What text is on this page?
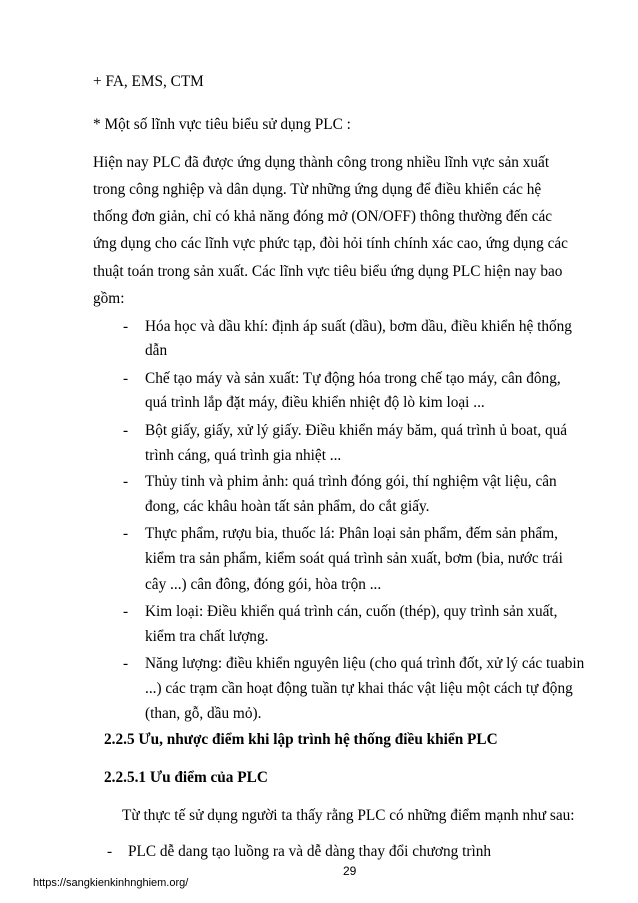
+ FA, EMS, CTM
* Một số lĩnh vực tiêu biểu sử dụng PLC :
Hiện nay PLC đã được ứng dụng thành công trong nhiều lĩnh vực sản xuất
trong công nghiệp và dân dụng. Từ những ứng dụng để điều khiển các hệ
thống đơn giản, chỉ có khả năng đóng mở (ON/OFF) thông thường đến các
ứng dụng cho các lĩnh vực phức tạp, đòi hỏi tính chính xác cao, ứng dụng các
thuật toán trong sản xuất. Các lĩnh vực tiêu biểu ứng dụng PLC hiện nay bao
gồm:
- Hóa học và dầu khí: định áp suất (dầu), bơm dầu, điều khiển hệ thống
dẫn
- Chế tạo máy và sản xuất: Tự động hóa trong chế tạo máy, cân đông,
quá trình lắp đặt máy, điều khiển nhiệt độ lò kim loại ...
- Bột giấy, giấy, xử lý giấy. Điều khiển máy băm, quá trình ủ boat, quá
trình cáng, quá trình gia nhiệt ...
- Thủy tinh và phim ảnh: quá trình đóng gói, thí nghiệm vật liệu, cân
đong, các khâu hoàn tất sản phẩm, do cắt giấy.
- Thực phẩm, rượu bia, thuốc lá: Phân loại sản phẩm, đếm sản phẩm,
kiểm tra sản phẩm, kiểm soát quá trình sản xuất, bơm (bia, nước trái
cây ...) cân đông, đóng gói, hòa trộn ...
- Kim loại: Điều khiển quá trình cán, cuốn (thép), quy trình sản xuất,
kiểm tra chất lượng.
- Năng lượng: điều khiển nguyên liệu (cho quá trình đốt, xử lý các tuabin
...) các trạm cần hoạt động tuần tự khai thác vật liệu một cách tự động
(than, gỗ, dầu mỏ).
2.2.5 Ưu, nhược điểm khi lập trình hệ thống điều khiển PLC
2.2.5.1 Ưu điểm của PLC
Từ thực tế sử dụng người ta thấy rằng PLC có những điểm mạnh như sau:
- PLC dễ dang tạo luồng ra và dễ dàng thay đổi chương trình
29
https://sangkienkinhnghiem.org/
